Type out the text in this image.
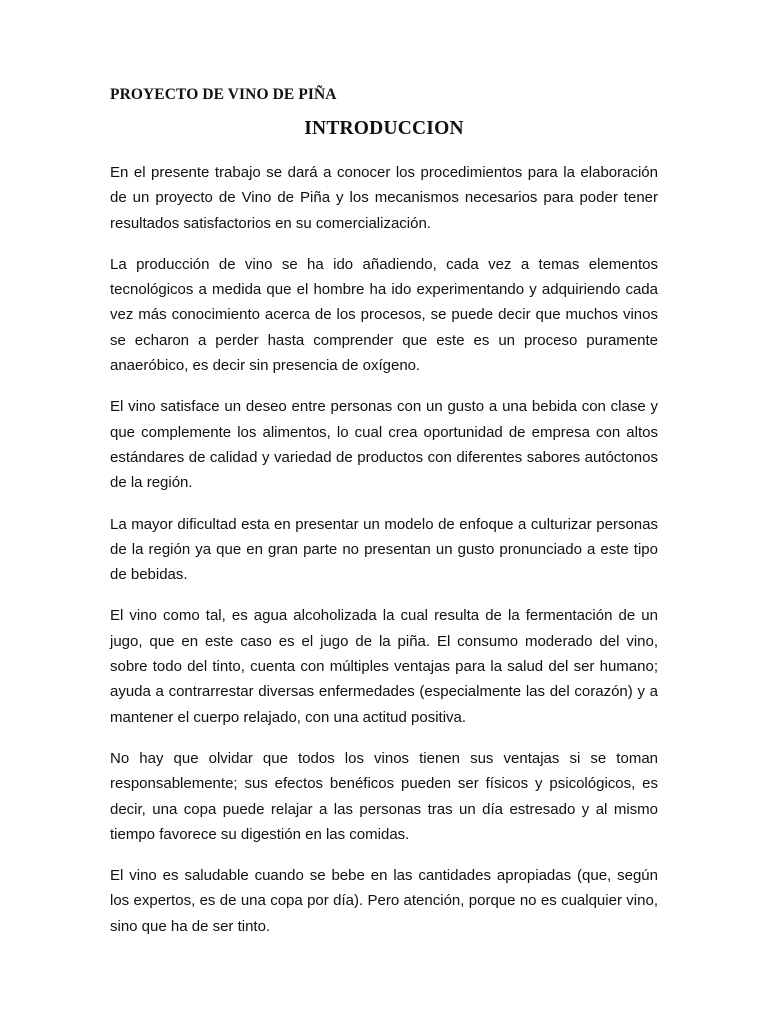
PROYECTO DE VINO DE PIÑA
INTRODUCCION

En el presente trabajo se dará a conocer los procedimientos para la elaboración de un proyecto de Vino de Piña y los mecanismos necesarios para poder tener resultados satisfactorios en su comercialización.

La producción de vino se ha ido añadiendo, cada vez a temas elementos tecnológicos a medida que el hombre ha ido experimentando y adquiriendo cada vez más conocimiento acerca de los procesos, se puede decir que muchos vinos se echaron a perder hasta comprender que este es un proceso puramente anaeróbico, es decir sin presencia de oxígeno.

El vino satisface un deseo entre personas con un gusto a una bebida con clase y que complemente los alimentos, lo cual crea oportunidad de empresa con altos estándares de calidad y variedad de productos con diferentes sabores autóctonos de la región.

La mayor dificultad esta en presentar un modelo de enfoque a culturizar personas de la región ya que en gran parte no presentan un gusto pronunciado a este tipo de bebidas.

El vino como tal, es agua alcoholizada la cual resulta de la fermentación de un jugo, que en este caso es el jugo de la piña. El consumo moderado del vino, sobre todo del tinto, cuenta con múltiples ventajas para la salud del ser humano; ayuda a contrarrestar diversas enfermedades (especialmente las del corazón) y a mantener el cuerpo relajado, con una actitud positiva.

No hay que olvidar que todos los vinos tienen sus ventajas si se toman responsablemente; sus efectos benéficos pueden ser físicos y psicológicos, es decir, una copa puede relajar a las personas tras un día estresado y al mismo tiempo favorece su digestión en las comidas.

El vino es saludable cuando se bebe en las cantidades apropiadas (que, según los expertos, es de una copa por día). Pero atención, porque no es cualquier vino, sino que ha de ser tinto.
